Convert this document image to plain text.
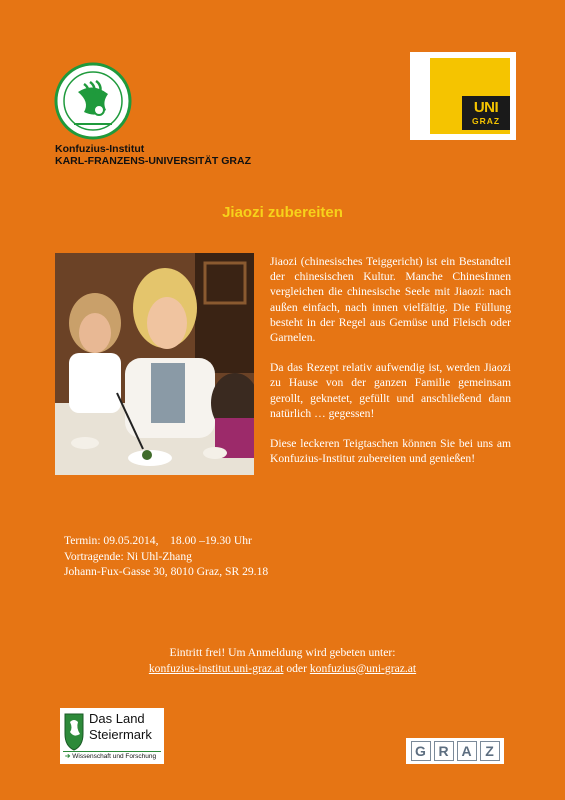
UNI
GRAZ
Konfuzius-Institut
KARL-FRANZENS-UNIVERSITÄT GRAZ
Jiaozi zubereiten

Jiaozi (chinesisches Teiggericht) ist ein Bestandteil der chinesischen Kultur. Manche ChinesInnen vergleichen die chinesische Seele mit Jiaozi: nach außen einfach, nach innen vielfältig. Die Füllung besteht in der Regel aus Gemüse und Fleisch oder Garnelen.

Da das Rezept relativ aufwendig ist, werden Jiaozi zu Hause von der ganzen Familie gemeinsam gerollt, geknetet, gefüllt und anschließend dann natürlich … gegessen!

Diese leckeren Teigtaschen können Sie bei uns am Konfuzius-Institut zubereiten und genießen!

Termin: 09.05.2014,    18.00 –19.30 Uhr
Vortragende: Ni Uhl-Zhang
Johann-Fux-Gasse 30, 8010 Graz, SR 29.18
Eintritt frei! Um Anmeldung wird gebeten unter:
konfuzius-institut.uni-graz.at oder konfuzius@uni-graz.at
Das Land
Steiermark
➔ Wissenschaft und Forschung	G R A Z
